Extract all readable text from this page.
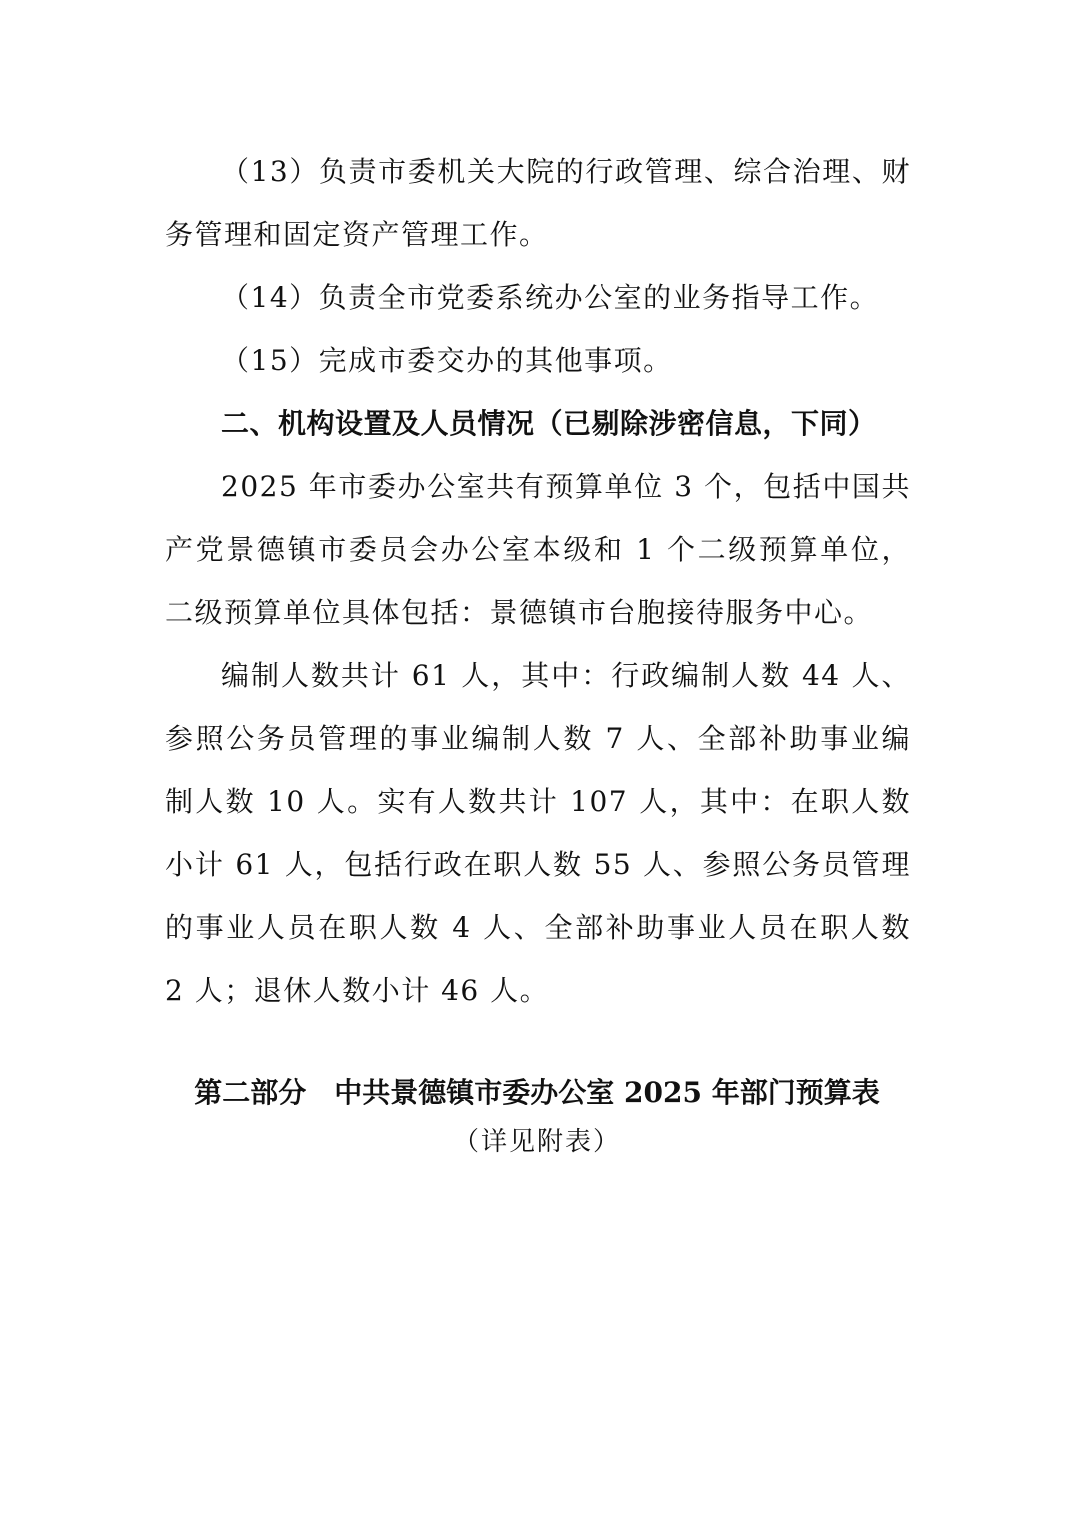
（13）负责市委机关大院的行政管理、综合治理、财务管理和固定资产管理工作。

（14）负责全市党委系统办公室的业务指导工作。

（15）完成市委交办的其他事项。

二、机构设置及人员情况（已剔除涉密信息，下同）

2025 年市委办公室共有预算单位 3 个，包括中国共产党景德镇市委员会办公室本级和 1 个二级预算单位，二级预算单位具体包括：景德镇市台胞接待服务中心。

编制人数共计 61 人，其中：行政编制人数 44 人、参照公务员管理的事业编制人数 7 人、全部补助事业编制人数 10 人。实有人数共计 107 人，其中：在职人数小计 61 人，包括行政在职人数 55 人、参照公务员管理的事业人员在职人数 4 人、全部补助事业人员在职人数 2 人；退休人数小计 46 人。

第二部分　中共景德镇市委办公室 2025 年部门预算表

（详见附表）
